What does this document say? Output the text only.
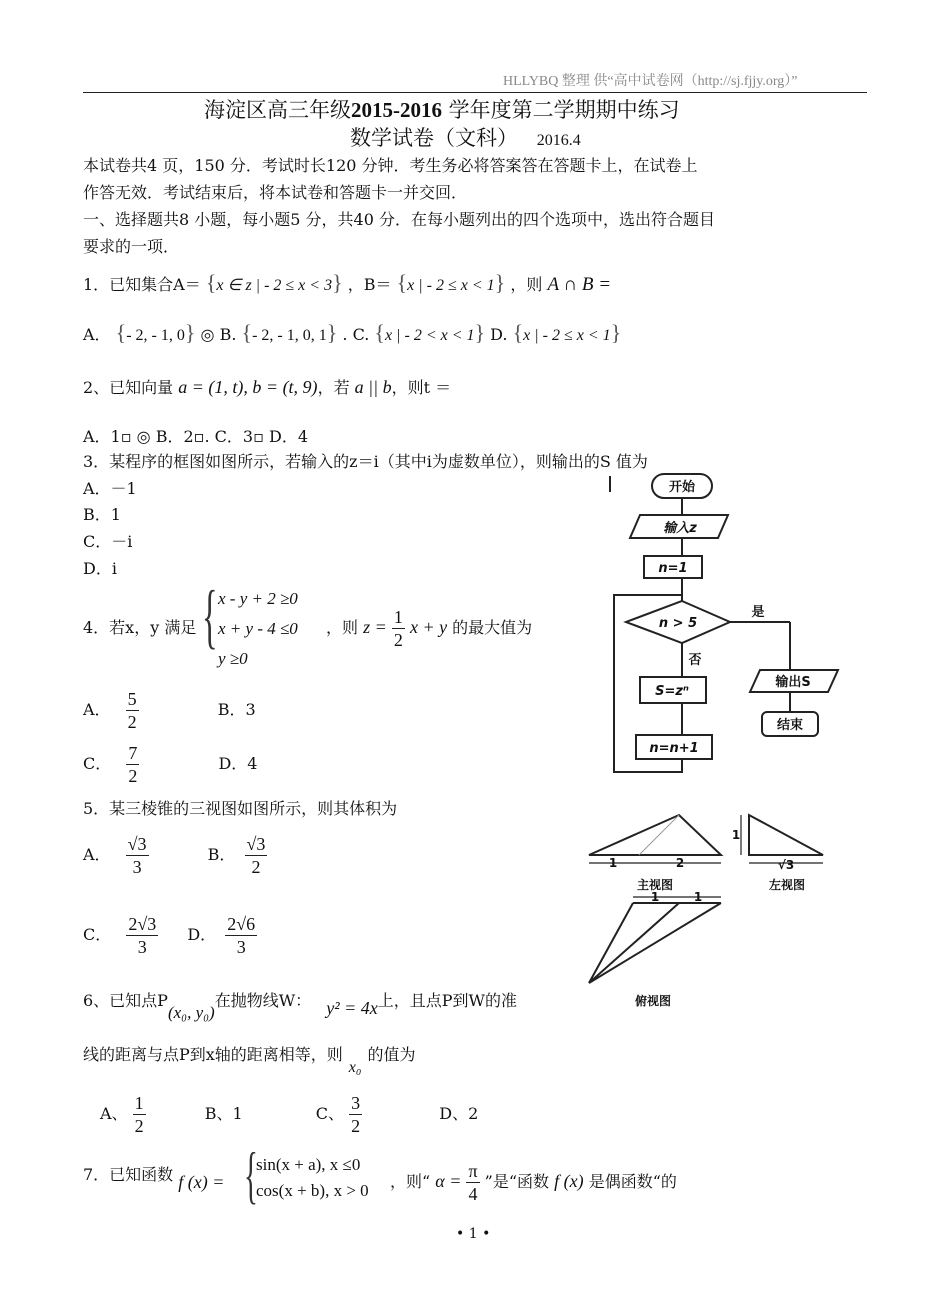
HLLYBQ 整理 供“高中试卷网（http://sj.fjjy.org）”
海淀区高三年级2015-2016 学年度第二学期期中练习
数学试卷（文科） 2016.4
本试卷共4 页，150 分．考试时长120 分钟．考生务必将答案答在答题卡上，在试卷上
作答无效．考试结束后，将本试卷和答题卡一并交回．
一、选择题共8 小题，每小题5 分，共40 分．在每小题列出的四个选项中，选出符合题目
要求的一项．
1．已知集合A＝ {x ∈ z | - 2 ≤ x < 3} ，B＝ {x | - 2 ≤ x < 1} ，则 A ∩ B =
A． {- 2, - 1, 0} ◎ B. {- 2, - 1, 0, 1} . C. {x | - 2 < x < 1} D. {x | - 2 ≤ x < 1}
2、已知向量 a = (1, t), b = (t, 9)，若 a || b，则t ＝
A．1▫ ◎ B．2▫. C．3▫ D．4
3．某程序的框图如图所示，若输入的z＝i（其中i为虚数单位），则输出的S 值为
A．－1
B．1
C．－i
D．i
开始
输入z
n=1
n > 5
是
否
S=zⁿ
输出S
结束
n=n+1
4．若x，y 满足 { x - y + 2 ≥0
x + y - 4 ≤0
y ≥0
，则 $z = \frac{1}{2}$ x + y 的最大值为
A． $\frac{5}{2}$	B．3
C． $\frac{7}{2}$	D．4
5．某三棱锥的三视图如图所示，则其体积为
A． $\frac{√3}{3}$	B． $\frac{√3}{2}$
C． $\frac{2√3}{3}$ D． $\frac{2√6}{3}$
1	2
1
√3
主视图	左视图
1	1
俯视图
6、已知点P(x₀, y₀)在抛物线W： y² = 4x上，且点P到W的准
线的距离与点P到x轴的距离相等，则x₀的值为
A、 $\frac{1}{2}$	B、1	C、 $\frac{3}{2}$	D、2
7．已知函数 f (x) = {
sin(x + a), x ≤0
cos(x + b), x > 0 ，则“ $\alpha = \frac{\pi}{4}$ ”是“函数 f (x) 是偶函数“的
• 1 •
